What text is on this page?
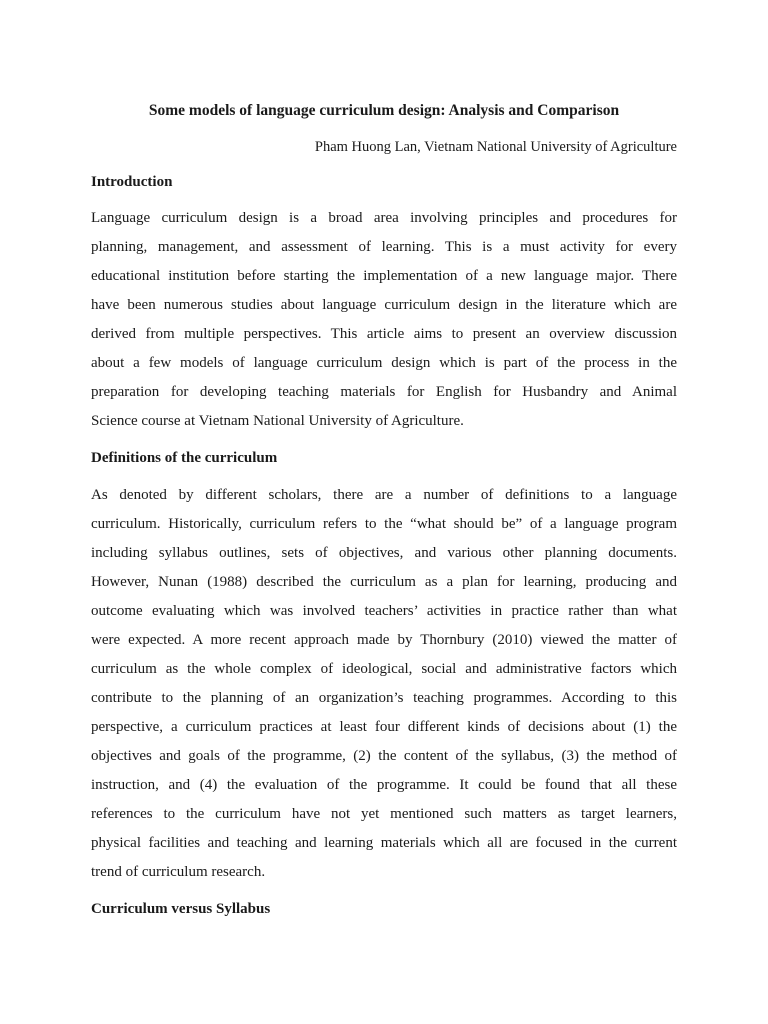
Some models of language curriculum design: Analysis and Comparison

Pham Huong Lan, Vietnam National University of Agriculture

Introduction
Language curriculum design is a broad area involving principles and procedures for
planning, management, and assessment of learning. This is a must activity for every
educational institution before starting the implementation of a new language major. There
have been numerous studies about language curriculum design in the literature which are
derived from multiple perspectives. This article aims to present an overview discussion
about a few models of language curriculum design which is part of the process in the
preparation for developing teaching materials for English for Husbandry and Animal
Science course at Vietnam National University of Agriculture.
Definitions of the curriculum
As denoted by different scholars, there are a number of definitions to a language
curriculum. Historically, curriculum refers to the “what should be” of a language program
including syllabus outlines, sets of objectives, and various other planning documents.
However, Nunan (1988) described the curriculum as a plan for learning, producing and
outcome evaluating which was involved teachers’ activities in practice rather than what
were expected. A more recent approach made by Thornbury (2010) viewed the matter of
curriculum as the whole complex of ideological, social and administrative factors which
contribute to the planning of an organization’s teaching programmes. According to this
perspective, a curriculum practices at least four different kinds of decisions about (1) the
objectives and goals of the programme, (2) the content of the syllabus, (3) the method of
instruction, and (4) the evaluation of the programme. It could be found that all these
references to the curriculum have not yet mentioned such matters as target learners,
physical facilities and teaching and learning materials which all are focused in the current
trend of curriculum research.
Curriculum versus Syllabus
